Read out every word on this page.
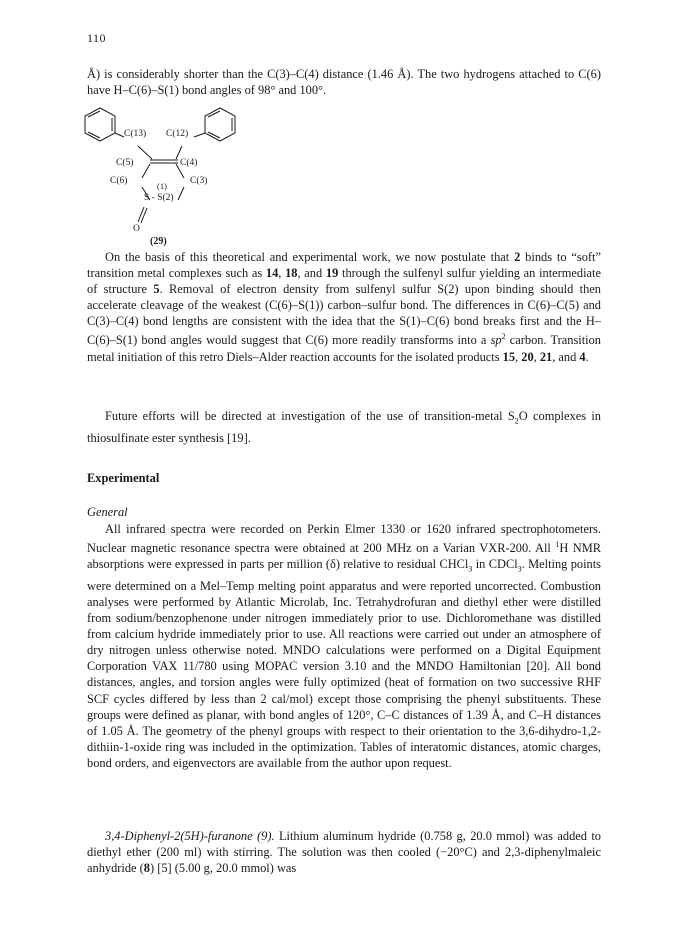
110

Å) is considerably shorter than the C(3)–C(4) distance (1.46 Å). The two hydrogens attached to C(6) have H–C(6)–S(1) bond angles of 98° and 100°.

C(13) C(12)
C(5)	C(4)
C(6)	C(3)
(1)
S - S(2)
O
(29)

On the basis of this theoretical and experimental work, we now postulate that 2 binds to “soft” transition metal complexes such as 14, 18, and 19 through the sulfenyl sulfur yielding an intermediate of structure 5. Removal of electron density from sulfenyl sulfur S(2) upon binding should then accelerate cleavage of the weakest (C(6)–S(1)) carbon–sulfur bond. The differences in C(6)–C(5) and C(3)–C(4) bond lengths are consistent with the idea that the S(1)–C(6) bond breaks first and the H–C(6)–S(1) bond angles would suggest that C(6) more readily transforms into a $sp^2$ carbon. Transition metal initiation of this retro Diels–Alder reaction accounts for the isolated products 15, 20, 21, and 4.

Future efforts will be directed at investigation of the use of transition-metal $S_2O$ complexes in thiosulfinate ester synthesis [19].

Experimental

General

All infrared spectra were recorded on Perkin Elmer 1330 or 1620 infrared spectrophotometers. Nuclear magnetic resonance spectra were obtained at 200 MHz on a Varian VXR-200. All $^1$H NMR absorptions were expressed in parts per million (δ) relative to residual CHCl$_3$ in CDCl$_3$. Melting points were determined on a Mel–Temp melting point apparatus and were reported uncorrected. Combustion analyses were performed by Atlantic Microlab, Inc. Tetrahydrofuran and diethyl ether were distilled from sodium/benzophenone under nitrogen immediately prior to use. Dichloromethane was distilled from calcium hydride immediately prior to use. All reactions were carried out under an atmosphere of dry nitrogen unless otherwise noted. MNDO calculations were performed on a Digital Equipment Corporation VAX 11/780 using MOPAC version 3.10 and the MNDO Hamiltonian [20]. All bond distances, angles, and torsion angles were fully optimized (heat of formation on two successive RHF SCF cycles differed by less than 2 cal/mol) except those comprising the phenyl substituents. These groups were defined as planar, with bond angles of 120°, C–C distances of 1.39 Å, and C–H distances of 1.05 Å. The geometry of the phenyl groups with respect to their orientation to the 3,6-dihydro-1,2-dithiin-1-oxide ring was included in the optimization. Tables of interatomic distances, atomic charges, bond orders, and eigenvectors are available from the author upon request.

3,4-Diphenyl-2(5H)-furanone (9). Lithium aluminum hydride (0.758 g, 20.0 mmol) was added to diethyl ether (200 ml) with stirring. The solution was then cooled (−20°C) and 2,3-diphenylmaleic anhydride (8) [5] (5.00 g, 20.0 mmol) was
